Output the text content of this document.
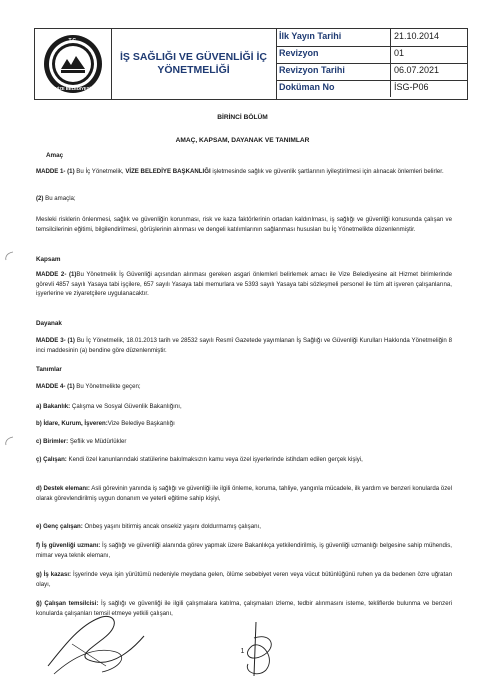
T.C.
VİZE BELEDİYESİ
İŞ SAĞLIĞI VE GÜVENLİĞİ İÇ
YÖNETMELİĞİ
İlk Yayın Tarihi	21.10.2014
Revizyon	01
Revizyon Tarihi	06.07.2021
Doküman No	İSG-P06
BİRİNCİ BÖLÜM
AMAÇ, KAPSAM, DAYANAK VE TANIMLAR
Amaç
MADDE 1- (1) Bu İç Yönetmelik, VİZE BELEDİYE BAŞKANLIĞI işletmesinde sağlık ve güvenlik şartlarının iyileştirilmesi için alınacak önlemleri belirler.
(2) Bu amaçla;
Mesleki risklerin önlenmesi, sağlık ve güvenliğin korunması, risk ve kaza faktörlerinin ortadan kaldırılması, iş sağlığı ve güvenliği konusunda çalışan ve temsilcilerinin eğitimi, bilgilendirilmesi, görüşlerinin alınması ve dengeli katılımlarının sağlanması hususları bu İç Yönetmelikte düzenlenmiştir.
Kapsam
MADDE 2- (1)Bu Yönetmelik İş Güvenliği açısından alınması gereken asgari önlemleri belirlemek amacı ile Vize Belediyesine ait Hizmet birimlerinde görevli 4857 sayılı Yasaya tabi işçilere, 657 sayılı Yasaya tabi memurlara ve 5393 sayılı Yasaya tabi sözleşmeli personel ile tüm alt işveren çalışanlarına, işyerlerine ve ziyaretçilere uygulanacaktır.
Dayanak
MADDE 3- (1) Bu İç Yönetmelik, 18.01.2013 tarih ve 28532 sayılı Resmî Gazetede yayımlanan İş Sağlığı ve Güvenliği Kurulları Hakkında Yönetmeliğin 8 inci maddesinin (a) bendine göre düzenlenmiştir.
Tanımlar
MADDE 4- (1) Bu Yönetmelikte geçen;
a) Bakanlık: Çalışma ve Sosyal Güvenlik Bakanlığını,
b) İdare, Kurum, İşveren:Vize Belediye Başkanlığı
c) Birimler: Şeflik ve Müdürlükler
ç) Çalışan: Kendi özel kanunlarındaki statülerine bakılmaksızın kamu veya özel işyerlerinde istihdam edilen gerçek kişiyi,
d) Destek elemanı: Asli görevinin yanında iş sağlığı ve güvenliği ile ilgili önleme, koruma, tahliye, yangınla mücadele, ilk yardım ve benzeri konularda özel olarak görevlendirilmiş uygun donanım ve yeterli eğitime sahip kişiyi,
e) Genç çalışan: Onbeş yaşını bitirmiş ancak onsekiz yaşını doldurmamış çalışanı,
f) İş güvenliği uzmanı: İş sağlığı ve güvenliği alanında görev yapmak üzere Bakanlıkça yetkilendirilmiş, iş güvenliği uzmanlığı belgesine sahip mühendis, mimar veya teknik elemanı,
g) İş kazası: İşyerinde veya işin yürütümü nedeniyle meydana gelen, ölüme sebebiyet veren veya vücut bütünlüğünü ruhen ya da bedenen özre uğratan olayı,
ğ) Çalışan temsilcisi: İş sağlığı ve güvenliği ile ilgili çalışmalara katılma, çalışmaları izleme, tedbir alınmasını isteme, tekliflerde bulunma ve benzeri konularda çalışanları temsil etmeye yetkili çalışanı,
1
